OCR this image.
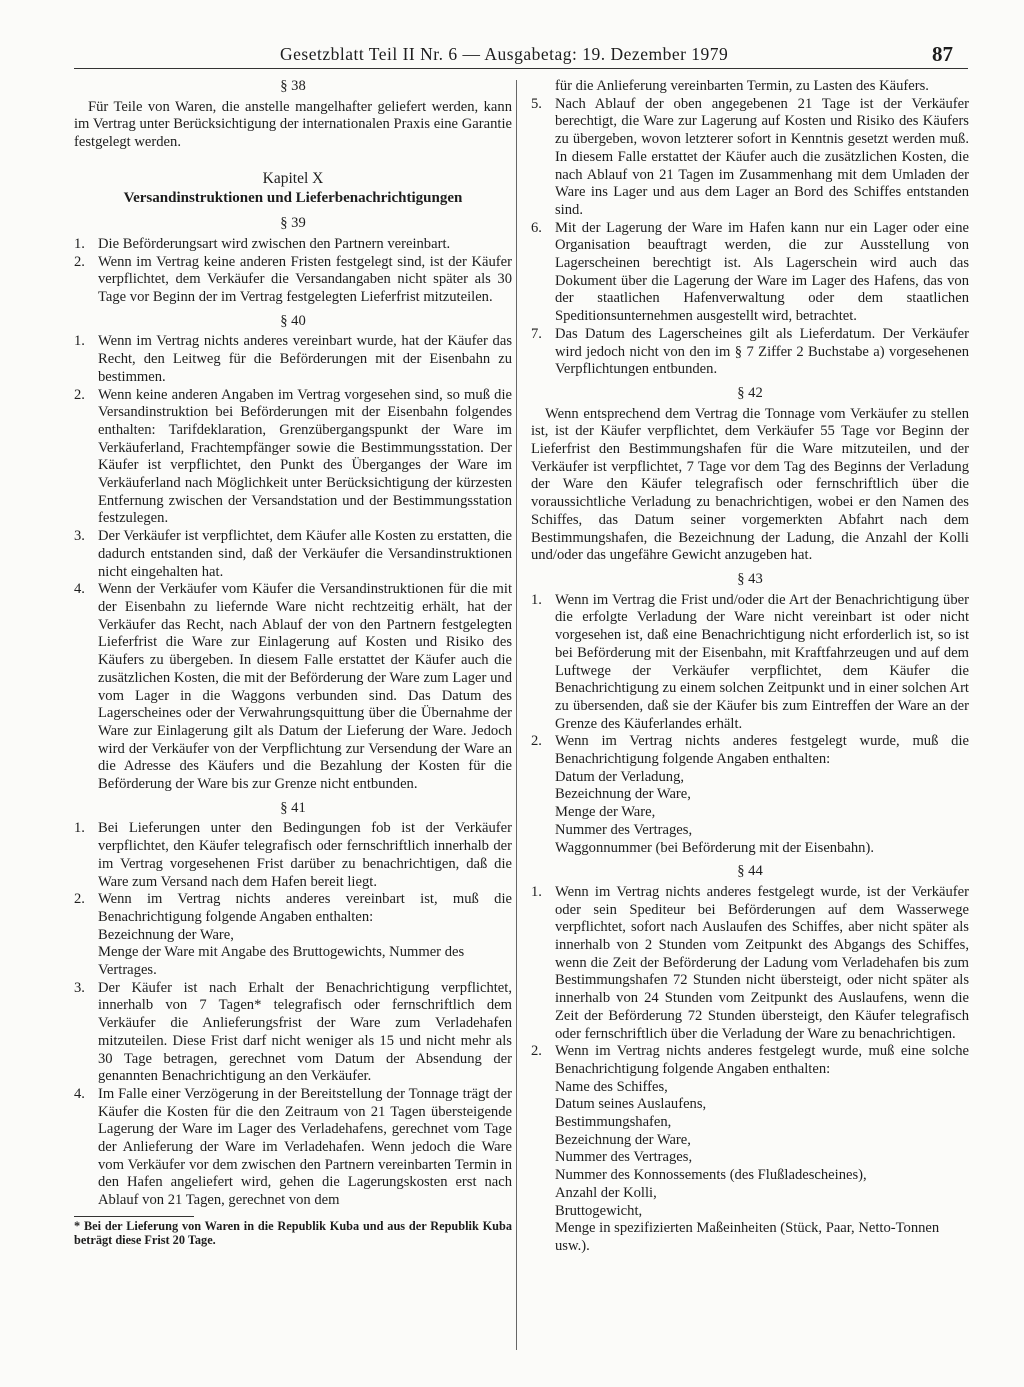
Gesetzblatt Teil II Nr. 6 — Ausgabetag: 19. Dezember 1979	87
§ 38

Für Teile von Waren, die anstelle mangelhafter geliefert werden, kann im Vertrag unter Berücksichtigung der internationalen Praxis eine Garantie festgelegt werden.

Kapitel X
Versandinstruktionen und Lieferbenachrichtigungen
§ 39
1. Die Beförderungsart wird zwischen den Partnern vereinbart.
2. Wenn im Vertrag keine anderen Fristen festgelegt sind, ist der Käufer verpflichtet, dem Verkäufer die Versandangaben nicht später als 30 Tage vor Beginn der im Vertrag festgelegten Lieferfrist mitzuteilen.
§ 40
1. Wenn im Vertrag nichts anderes vereinbart wurde, hat der Käufer das Recht, den Leitweg für die Beförderungen mit der Eisenbahn zu bestimmen.
2. Wenn keine anderen Angaben im Vertrag vorgesehen sind, so muß die Versandinstruktion bei Beförderungen mit der Eisenbahn folgendes enthalten: Tarifdeklaration, Grenzübergangspunkt der Ware im Verkäuferland, Frachtempfänger sowie die Bestimmungsstation. Der Käufer ist verpflichtet, den Punkt des Überganges der Ware im Verkäuferland nach Möglichkeit unter Berücksichtigung der kürzesten Entfernung zwischen der Versandstation und der Bestimmungsstation festzulegen.
3. Der Verkäufer ist verpflichtet, dem Käufer alle Kosten zu erstatten, die dadurch entstanden sind, daß der Verkäufer die Versandinstruktionen nicht eingehalten hat.
4. Wenn der Verkäufer vom Käufer die Versandinstruktionen für die mit der Eisenbahn zu liefernde Ware nicht rechtzeitig erhält, hat der Verkäufer das Recht, nach Ablauf der von den Partnern festgelegten Lieferfrist die Ware zur Einlagerung auf Kosten und Risiko des Käufers zu übergeben. In diesem Falle erstattet der Käufer auch die zusätzlichen Kosten, die mit der Beförderung der Ware zum Lager und vom Lager in die Waggons verbunden sind. Das Datum des Lagerscheines oder der Verwahrungsquittung über die Übernahme der Ware zur Einlagerung gilt als Datum der Lieferung der Ware. Jedoch wird der Verkäufer von der Verpflichtung zur Versendung der Ware an die Adresse des Käufers und die Bezahlung der Kosten für die Beförderung der Ware bis zur Grenze nicht entbunden.
§ 41
1. Bei Lieferungen unter den Bedingungen fob ist der Verkäufer verpflichtet, den Käufer telegrafisch oder fernschriftlich innerhalb der im Vertrag vorgesehenen Frist darüber zu benachrichtigen, daß die Ware zum Versand nach dem Hafen bereit liegt.
2. Wenn im Vertrag nichts anderes vereinbart ist, muß die Benachrichtigung folgende Angaben enthalten:
Bezeichnung der Ware,
Menge der Ware mit Angabe des Bruttogewichts, Nummer des Vertrages.
3. Der Käufer ist nach Erhalt der Benachrichtigung verpflichtet, innerhalb von 7 Tagen* telegrafisch oder fernschriftlich dem Verkäufer die Anlieferungsfrist der Ware zum Verladehafen mitzuteilen. Diese Frist darf nicht weniger als 15 und nicht mehr als 30 Tage betragen, gerechnet vom Datum der Absendung der genannten Benachrichtigung an den Verkäufer.
4. Im Falle einer Verzögerung in der Bereitstellung der Tonnage trägt der Käufer die Kosten für die den Zeitraum von 21 Tagen übersteigende Lagerung der Ware im Lager des Verladehafens, gerechnet vom Tage der Anlieferung der Ware im Verladehafen. Wenn jedoch die Ware vom Verkäufer vor dem zwischen den Partnern vereinbarten Termin in den Hafen angeliefert wird, gehen die Lagerungskosten erst nach Ablauf von 21 Tagen, gerechnet von dem

* Bei der Lieferung von Waren in die Republik Kuba und aus der Republik Kuba beträgt diese Frist 20 Tage.

für die Anlieferung vereinbarten Termin, zu Lasten des Käufers.
5. Nach Ablauf der oben angegebenen 21 Tage ist der Verkäufer berechtigt, die Ware zur Lagerung auf Kosten und Risiko des Käufers zu übergeben, wovon letzterer sofort in Kenntnis gesetzt werden muß. In diesem Falle erstattet der Käufer auch die zusätzlichen Kosten, die nach Ablauf von 21 Tagen im Zusammenhang mit dem Umladen der Ware ins Lager und aus dem Lager an Bord des Schiffes entstanden sind.
6. Mit der Lagerung der Ware im Hafen kann nur ein Lager oder eine Organisation beauftragt werden, die zur Ausstellung von Lagerscheinen berechtigt ist. Als Lagerschein wird auch das Dokument über die Lagerung der Ware im Lager des Hafens, das von der staatlichen Hafenverwaltung oder dem staatlichen Speditionsunternehmen ausgestellt wird, betrachtet.
7. Das Datum des Lagerscheines gilt als Lieferdatum. Der Verkäufer wird jedoch nicht von den im § 7 Ziffer 2 Buchstabe a) vorgesehenen Verpflichtungen entbunden.
§ 42

Wenn entsprechend dem Vertrag die Tonnage vom Verkäufer zu stellen ist, ist der Käufer verpflichtet, dem Verkäufer 55 Tage vor Beginn der Lieferfrist den Bestimmungshafen für die Ware mitzuteilen, und der Verkäufer ist verpflichtet, 7 Tage vor dem Tag des Beginns der Verladung der Ware den Käufer telegrafisch oder fernschriftlich über die voraussichtliche Verladung zu benachrichtigen, wobei er den Namen des Schiffes, das Datum seiner vorgemerkten Abfahrt nach dem Bestimmungshafen, die Bezeichnung der Ladung, die Anzahl der Kolli und/oder das ungefähre Gewicht anzugeben hat.

§ 43
1. Wenn im Vertrag die Frist und/oder die Art der Benachrichtigung über die erfolgte Verladung der Ware nicht vereinbart ist oder nicht vorgesehen ist, daß eine Benachrichtigung nicht erforderlich ist, so ist bei Beförderung mit der Eisenbahn, mit Kraftfahrzeugen und auf dem Luftwege der Verkäufer verpflichtet, dem Käufer die Benachrichtigung zu einem solchen Zeitpunkt und in einer solchen Art zu übersenden, daß sie der Käufer bis zum Eintreffen der Ware an der Grenze des Käuferlandes erhält.
2. Wenn im Vertrag nichts anderes festgelegt wurde, muß die Benachrichtigung folgende Angaben enthalten:
Datum der Verladung,
Bezeichnung der Ware,
Menge der Ware,
Nummer des Vertrages,
Waggonnummer (bei Beförderung mit der Eisenbahn).
§ 44
1. Wenn im Vertrag nichts anderes festgelegt wurde, ist der Verkäufer oder sein Spediteur bei Beförderungen auf dem Wasserwege verpflichtet, sofort nach Auslaufen des Schiffes, aber nicht später als innerhalb von 2 Stunden vom Zeitpunkt des Abgangs des Schiffes, wenn die Zeit der Beförderung der Ladung vom Verladehafen bis zum Bestimmungshafen 72 Stunden nicht übersteigt, oder nicht später als innerhalb von 24 Stunden vom Zeitpunkt des Auslaufens, wenn die Zeit der Beförderung 72 Stunden übersteigt, den Käufer telegrafisch oder fernschriftlich über die Verladung der Ware zu benachrichtigen.
2. Wenn im Vertrag nichts anderes festgelegt wurde, muß eine solche Benachrichtigung folgende Angaben enthalten:
Name des Schiffes,
Datum seines Auslaufens,
Bestimmungshafen,
Bezeichnung der Ware,
Nummer des Vertrages,
Nummer des Konnossements (des Flußladescheines),
Anzahl der Kolli,
Bruttogewicht,
Menge in spezifizierten Maßeinheiten (Stück, Paar, Netto-Tonnen usw.).
